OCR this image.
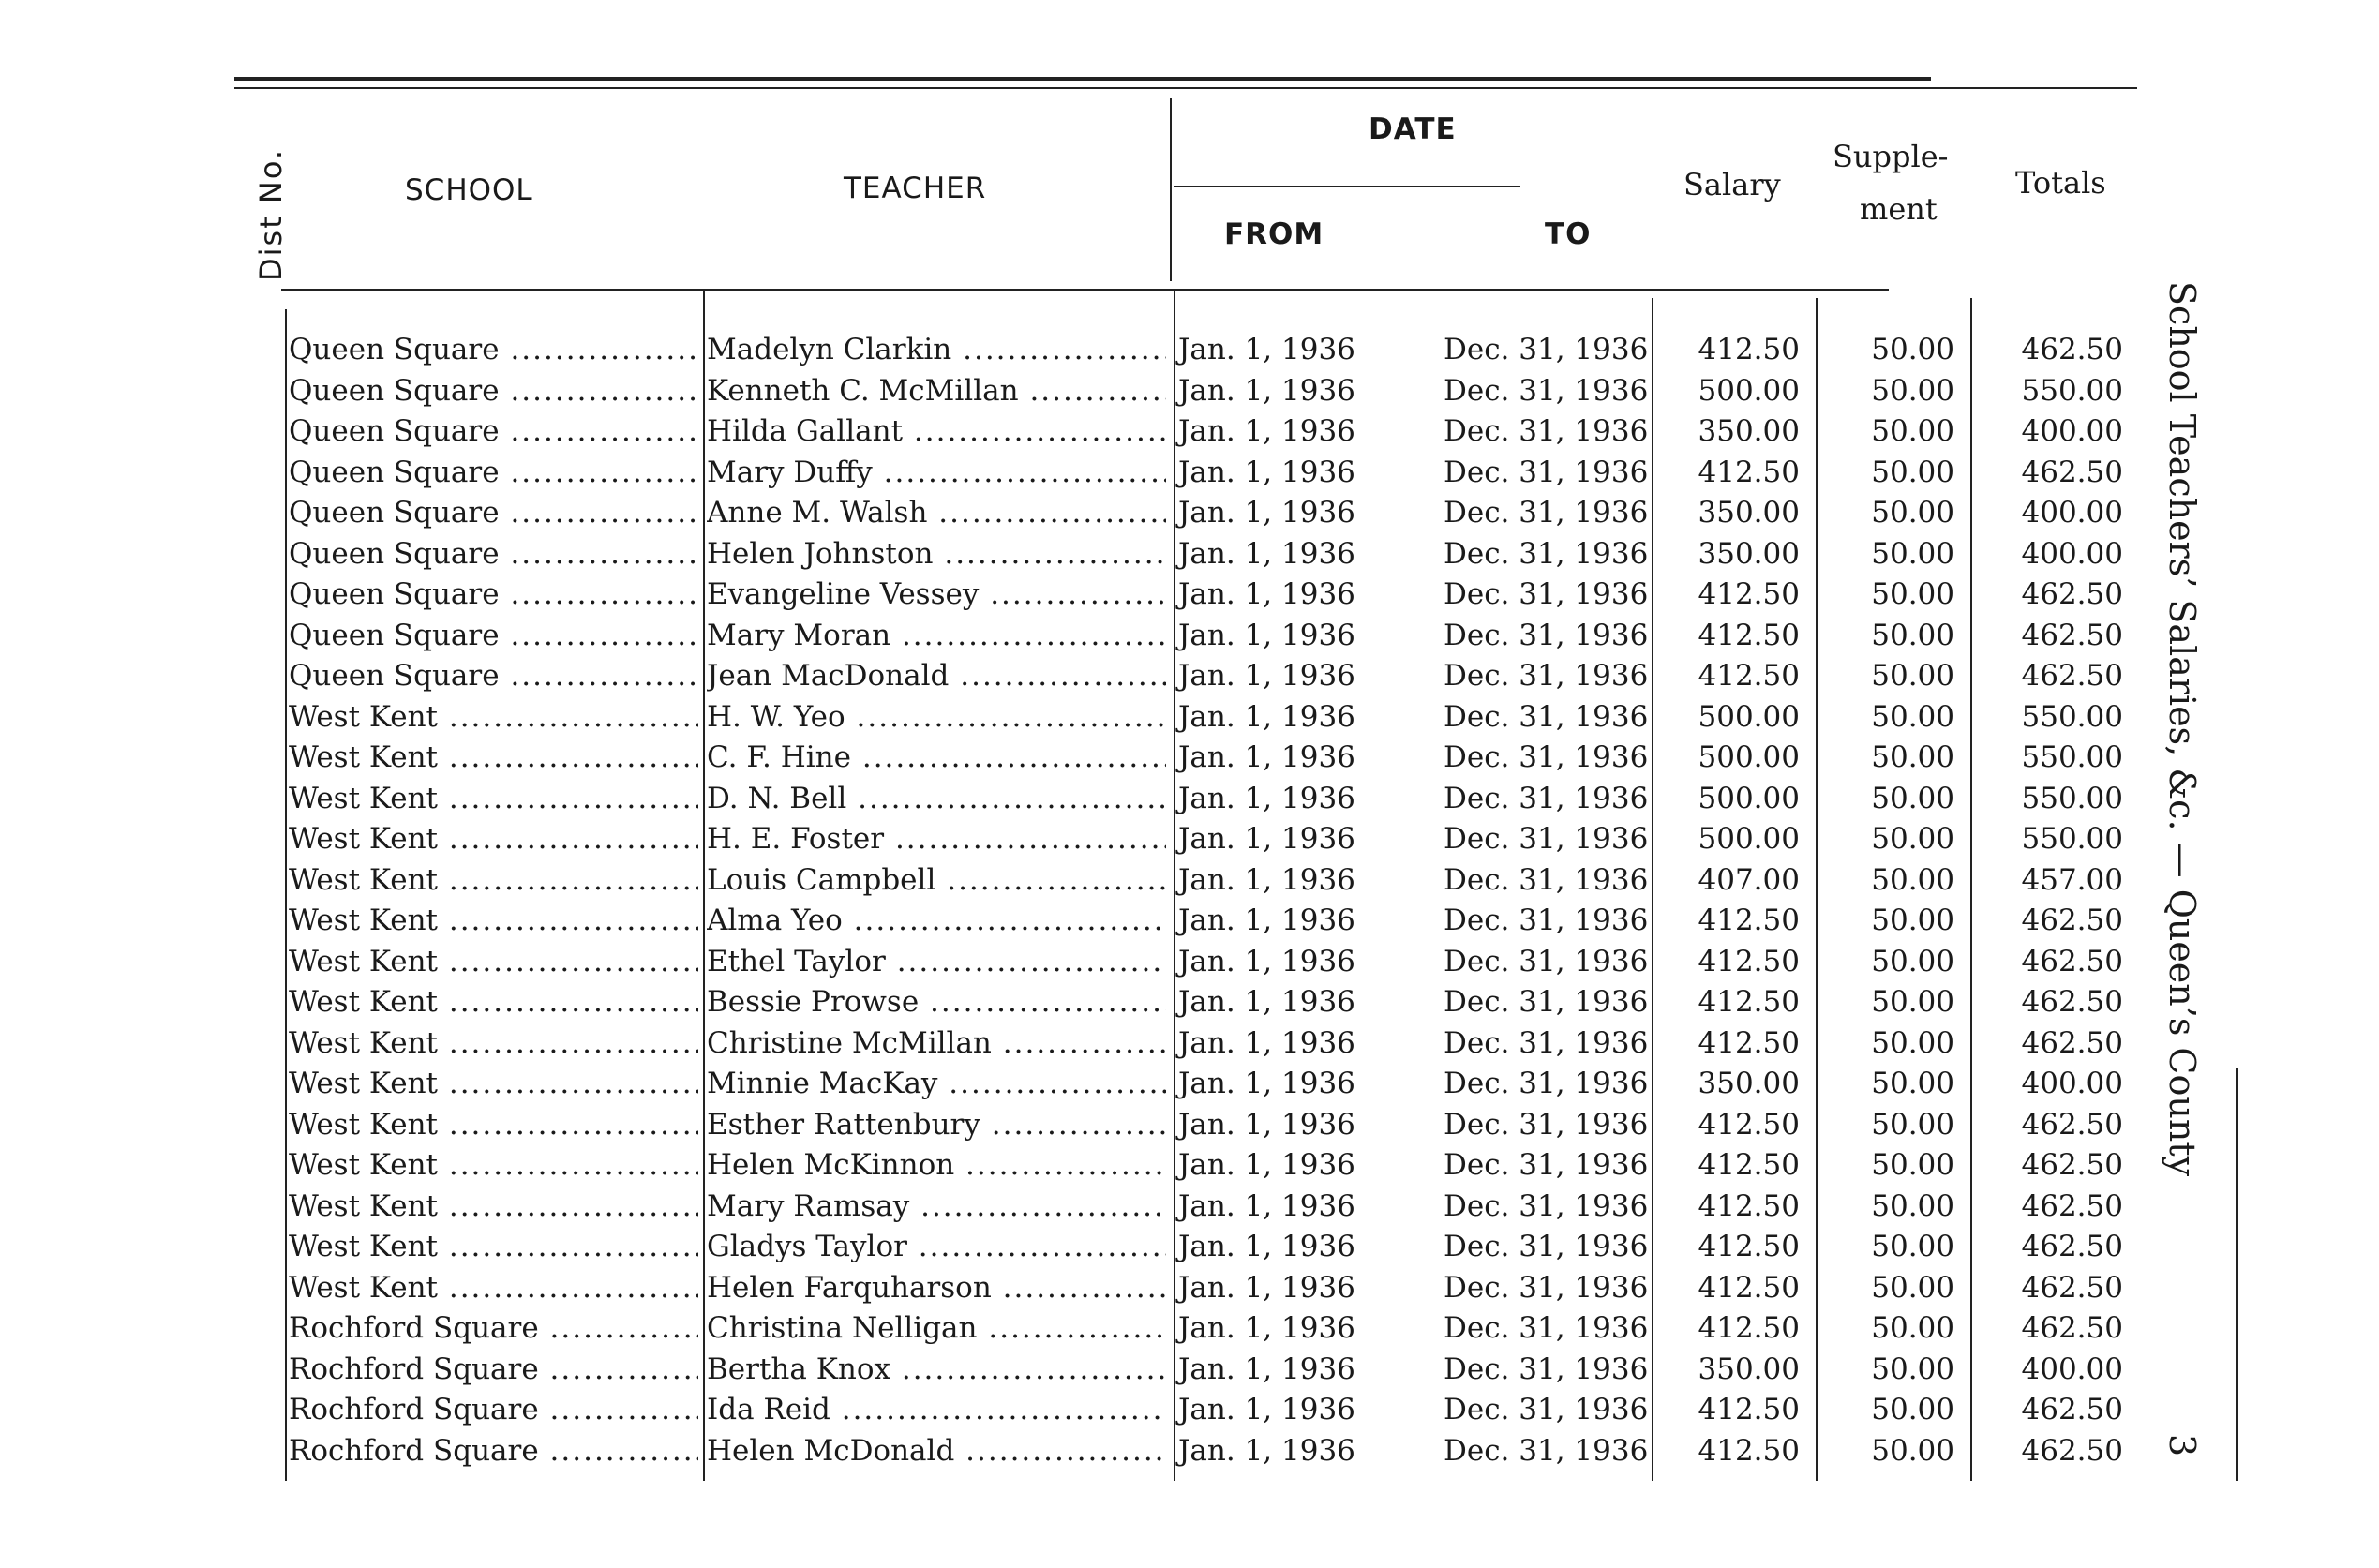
Dist No.	SCHOOL	TEACHER
DATE
FROM	TO
Salary
Supple-
ment
Totals
Queen Square .....	Madelyn Clarkin .....	Jan. 1, 1936	Dec. 31, 1936	412.50	50.00	462.50
Queen Square .....	Kenneth C. McMillan .....	Jan. 1, 1936	Dec. 31, 1936	500.00	50.00	550.00
Queen Square .....	Hilda Gallant .....	Jan. 1, 1936	Dec. 31, 1936	350.00	50.00	400.00
Queen Square .....	Mary Duffy .....	Jan. 1, 1936	Dec. 31, 1936	412.50	50.00	462.50
Queen Square .....	Anne M. Walsh .....	Jan. 1, 1936	Dec. 31, 1936	350.00	50.00	400.00
Queen Square .....	Helen Johnston .....	Jan. 1, 1936	Dec. 31, 1936	350.00	50.00	400.00
Queen Square .....	Evangeline Vessey .....	Jan. 1, 1936	Dec. 31, 1936	412.50	50.00	462.50
Queen Square .....	Mary Moran .....	Jan. 1, 1936	Dec. 31, 1936	412.50	50.00	462.50
Queen Square .....	Jean MacDonald .....	Jan. 1, 1936	Dec. 31, 1936	412.50	50.00	462.50
West Kent .....	H. W. Yeo .....	Jan. 1, 1936	Dec. 31, 1936	500.00	50.00	550.00
West Kent .....	C. F. Hine .....	Jan. 1, 1936	Dec. 31, 1936	500.00	50.00	550.00
West Kent .....	D. N. Bell .....	Jan. 1, 1936	Dec. 31, 1936	500.00	50.00	550.00
West Kent .....	H. E. Foster .....	Jan. 1, 1936	Dec. 31, 1936	500.00	50.00	550.00
West Kent .....	Louis Campbell .....	Jan. 1, 1936	Dec. 31, 1936	407.00	50.00	457.00
West Kent .....	Alma Yeo .....	Jan. 1, 1936	Dec. 31, 1936	412.50	50.00	462.50
West Kent .....	Ethel Taylor .....	Jan. 1, 1936	Dec. 31, 1936	412.50	50.00	462.50
West Kent .....	Bessie Prowse .....	Jan. 1, 1936	Dec. 31, 1936	412.50	50.00	462.50
West Kent .....	Christine McMillan .....	Jan. 1, 1936	Dec. 31, 1936	412.50	50.00	462.50
West Kent .....	Minnie MacKay .....	Jan. 1, 1936	Dec. 31, 1936	350.00	50.00	400.00
West Kent .....	Esther Rattenbury .....	Jan. 1, 1936	Dec. 31, 1936	412.50	50.00	462.50
West Kent .....	Helen McKinnon .....	Jan. 1, 1936	Dec. 31, 1936	412.50	50.00	462.50
West Kent .....	Mary Ramsay .....	Jan. 1, 1936	Dec. 31, 1936	412.50	50.00	462.50
West Kent .....	Gladys Taylor .....	Jan. 1, 1936	Dec. 31, 1936	412.50	50.00	462.50
West Kent .....	Helen Farquharson .....	Jan. 1, 1936	Dec. 31, 1936	412.50	50.00	462.50
Rochford Square .....	Christina Nelligan .....	Jan. 1, 1936	Dec. 31, 1936	412.50	50.00	462.50
Rochford Square .....	Bertha Knox .....	Jan. 1, 1936	Dec. 31, 1936	350.00	50.00	400.00
Rochford Square .....	Ida Reid .....	Jan. 1, 1936	Dec. 31, 1936	412.50	50.00	462.50
Rochford Square .....	Helen McDonald .....	Jan. 1, 1936	Dec. 31, 1936	412.50	50.00	462.50
School Teachers’ Salaries, &c. — Queen’s County
3
